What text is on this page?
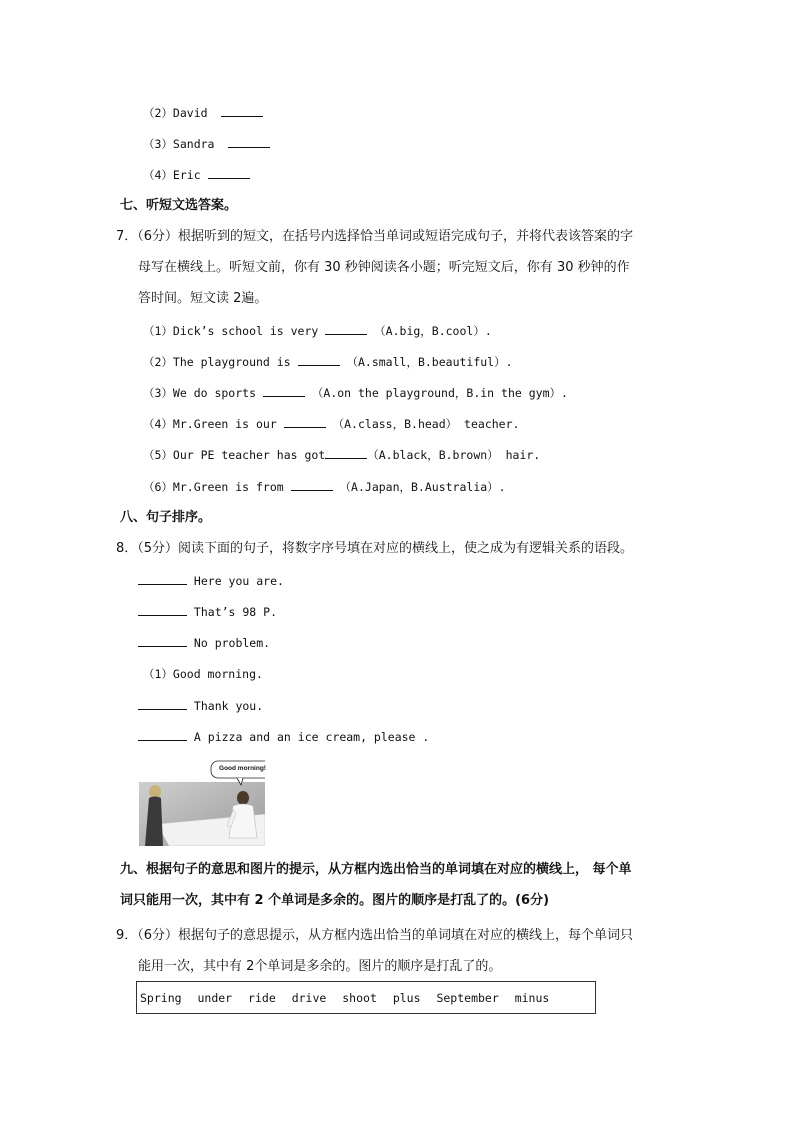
（2）David
（3）Sandra
（4）Eric
七、听短文选答案。
7．（6分）根据听到的短文，在括号内选择恰当单词或短语完成句子，并将代表该答案的字
母写在横线上。听短文前，你有 30 秒钟阅读各小题；听完短文后，你有 30 秒钟的作
答时间。短文读 2遍。
（1）Dick’s school is very	（A.big，B.cool）.
（2）The playground is	（A.small，B.beautiful）.
（3）We do sports	（A.on the playground，B.in the gym）.
（4）Mr.Green is our	（A.class，B.head） teacher.
（5）Our PE teacher has got	（A.black，B.brown） hair.
（6）Mr.Green is from	（A.Japan，B.Australia）.
八、句子排序。
8．（5分）阅读下面的句子，将数字序号填在对应的横线上，使之成为有逻辑关系的语段。
Here you are.
That’s 98 P.
No problem.
（1）Good morning.
Thank you.
A pizza and an ice cream, please .
Good morning!
九、根据句子的意思和图片的提示，从方框内选出恰当的单词填在对应的横线上， 每个单
词只能用一次，其中有 2 个单词是多余的。图片的顺序是打乱了的。(6分)
9．（6分）根据句子的意思提示，从方框内选出恰当的单词填在对应的横线上，每个单词只
能用一次，其中有 2个单词是多余的。图片的顺序是打乱了的。
Spring under ride drive shoot plus September minus
